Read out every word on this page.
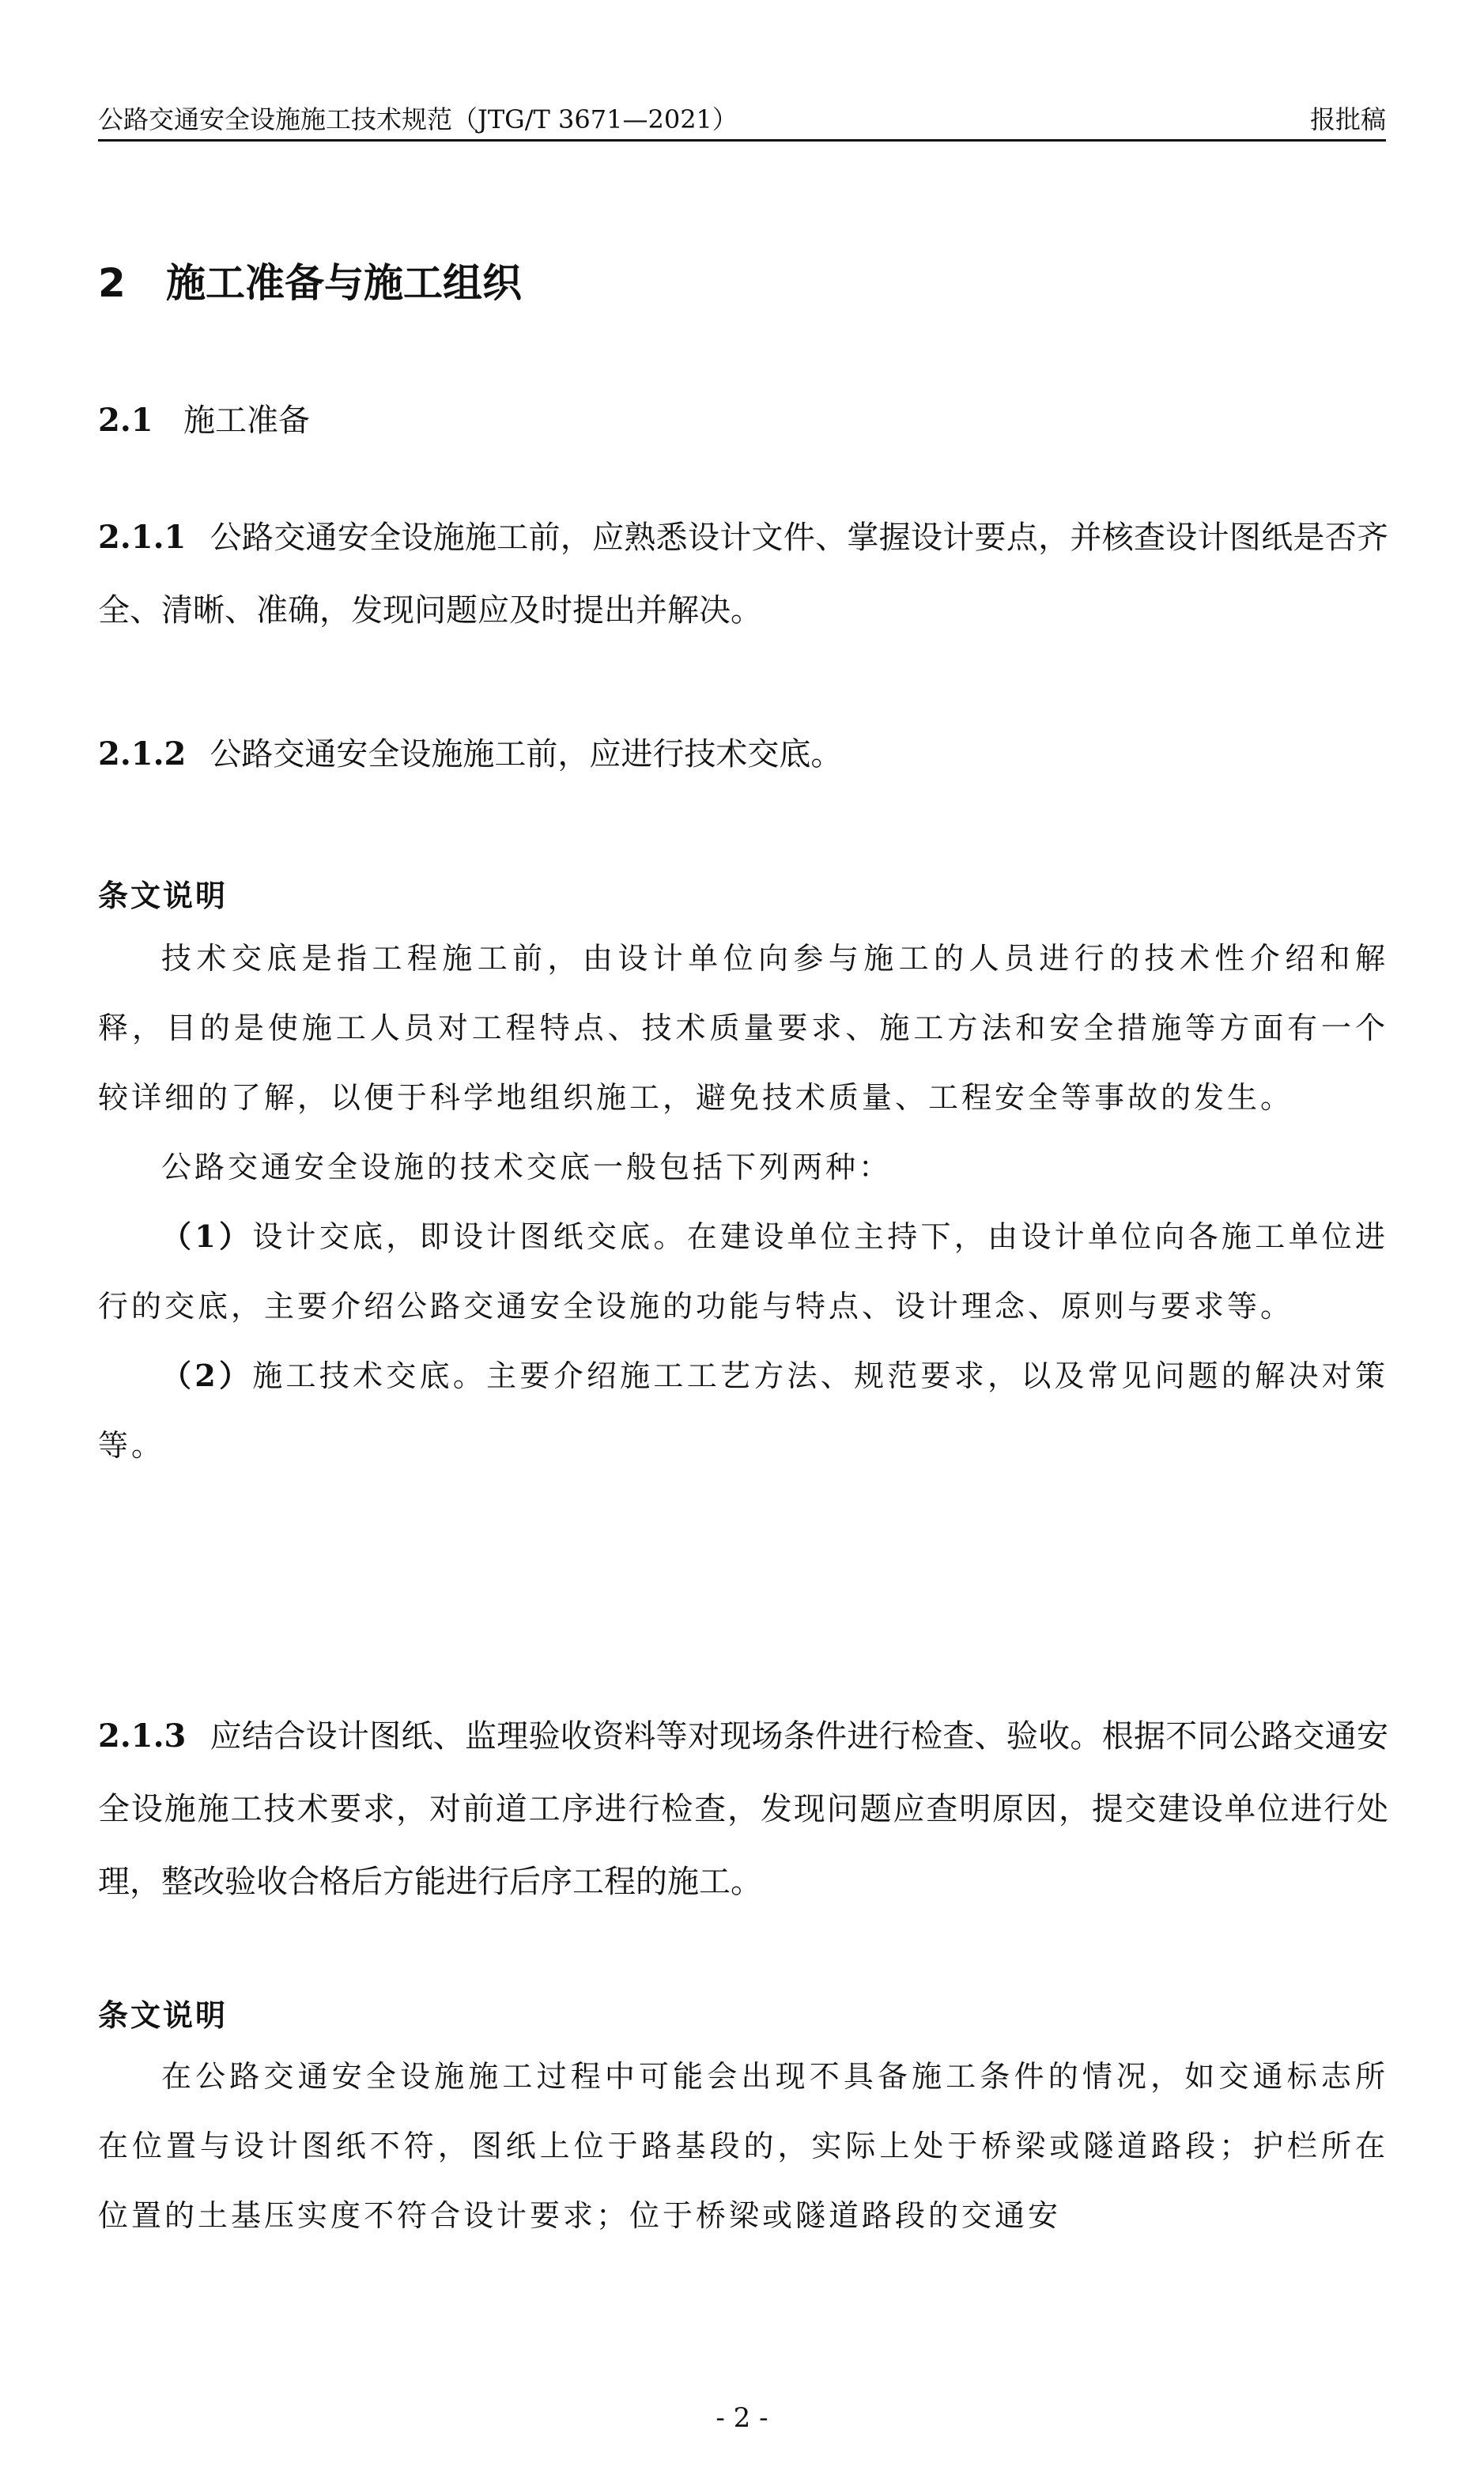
公路交通安全设施施工技术规范（JTG/T 3671—2021）	报批稿
2 施工准备与施工组织
2.1 施工准备
2.1.1 公路交通安全设施施工前，应熟悉设计文件、掌握设计要点，并核查设计图纸是否齐全、清晰、准确，发现问题应及时提出并解决。
2.1.2 公路交通安全设施施工前，应进行技术交底。
条文说明

技术交底是指工程施工前，由设计单位向参与施工的人员进行的技术性介绍和解释，目的是使施工人员对工程特点、技术质量要求、施工方法和安全措施等方面有一个较详细的了解，以便于科学地组织施工，避免技术质量、工程安全等事故的发生。

公路交通安全设施的技术交底一般包括下列两种：

（1）设计交底，即设计图纸交底。在建设单位主持下，由设计单位向各施工单位进行的交底，主要介绍公路交通安全设施的功能与特点、设计理念、原则与要求等。

（2）施工技术交底。主要介绍施工工艺方法、规范要求，以及常见问题的解决对策等。

2.1.3 应结合设计图纸、监理验收资料等对现场条件进行检查、验收。根据不同公路交通安全设施施工技术要求，对前道工序进行检查，发现问题应查明原因，提交建设单位进行处理，整改验收合格后方能进行后序工程的施工。
条文说明

在公路交通安全设施施工过程中可能会出现不具备施工条件的情况，如交通标志所在位置与设计图纸不符，图纸上位于路基段的，实际上处于桥梁或隧道路段；护栏所在位置的土基压实度不符合设计要求；位于桥梁或隧道路段的交通安

- 2 -
